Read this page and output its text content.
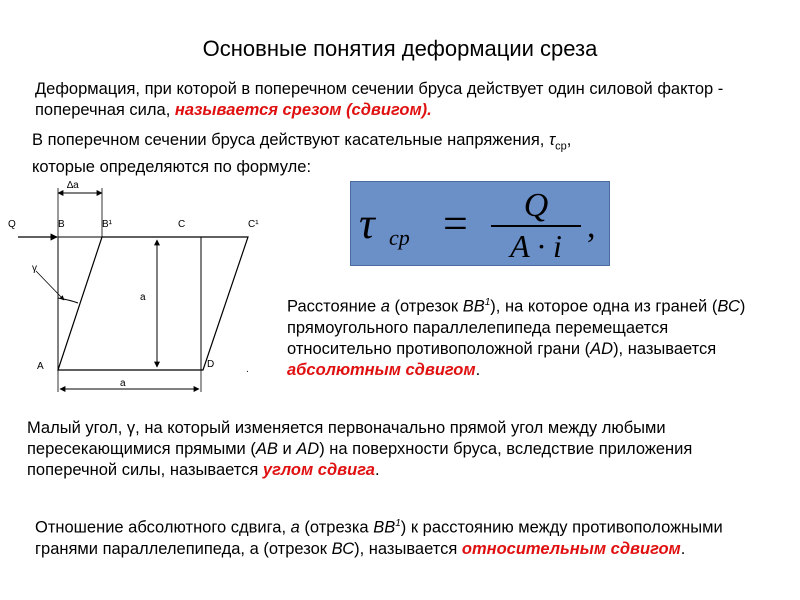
Основные понятия деформации среза
Деформация, при которой в поперечном сечении бруса действует один силовой фактор - поперечная сила, называется срезом (сдвигом).
В поперечном сечении бруса действуют касательные напряжения, $\tau_{ср}$,
которые определяются по формуле:
τ ср = Q
A · i
,
∆а
Q	В	В¹	С	С¹
γ
а
А	D
а
.
Расстояние а (отрезок $ВВ^1$), на которое одна из граней (ВС) прямоугольного параллелепипеда перемещается относительно противоположной грани (AD), называется абсолютным сдвигом.
Малый угол, γ, на который изменяется первоначально прямой угол между любыми пересекающимися прямыми (АВ и AD) на поверхности бруса, вследствие приложения поперечной силы, называется углом сдвига.
Отношение абсолютного сдвига, а (отрезка $ВВ^1$) к расстоянию между противоположными гранями параллелепипеда, а (отрезок ВС), называется относительным сдвигом.
